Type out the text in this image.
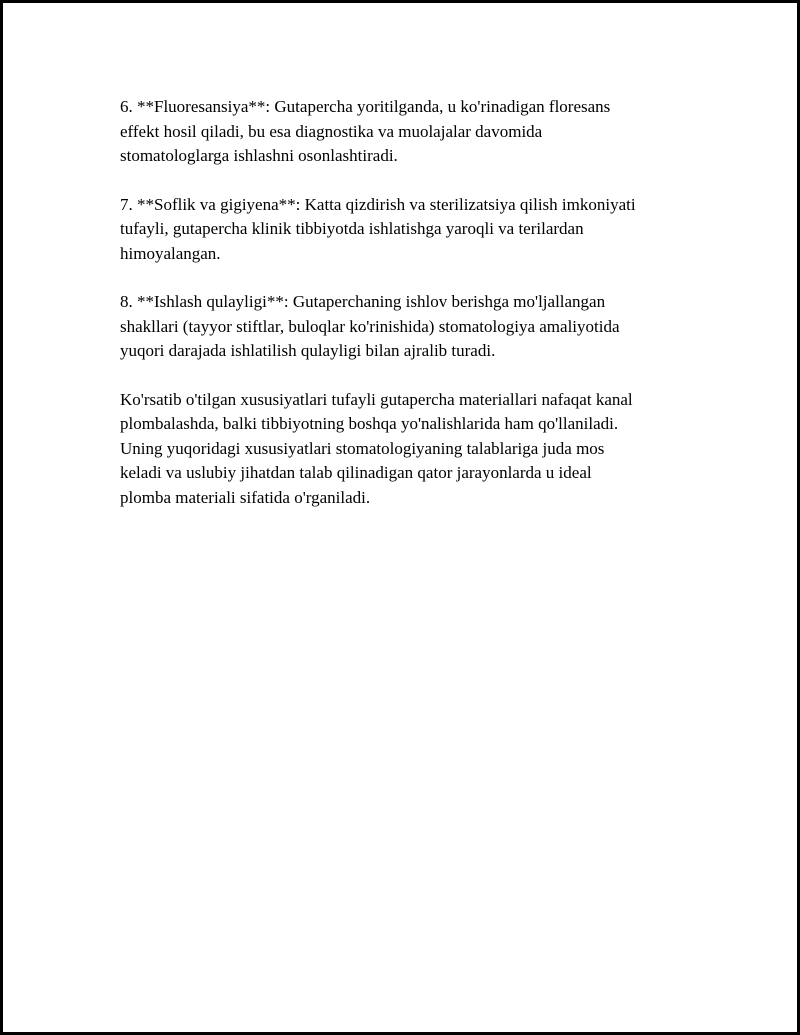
6. **Fluoresansiya**: Gutapercha yoritilganda, u ko'rinadigan floresans
effekt hosil qiladi, bu esa diagnostika va muolajalar davomida
stomatologlarga ishlashni osonlashtiradi.

7. **Soflik va gigiyena**: Katta qizdirish va sterilizatsiya qilish imkoniyati
tufayli, gutapercha klinik tibbiyotda ishlatishga yaroqli va terilardan
himoyalangan.

8. **Ishlash qulayligi**: Gutaperchaning ishlov berishga mo'ljallangan
shakllari (tayyor stiftlar, buloqlar ko'rinishida) stomatologiya amaliyotida
yuqori darajada ishlatilish qulayligi bilan ajralib turadi.

Ko'rsatib o'tilgan xususiyatlari tufayli gutapercha materiallari nafaqat kanal
plombalashda, balki tibbiyotning boshqa yo'nalishlarida ham qo'llaniladi.
Uning yuqoridagi xususiyatlari stomatologiyaning talablariga juda mos
keladi va uslubiy jihatdan talab qilinadigan qator jarayonlarda u ideal
plomba materiali sifatida o'rganiladi.
